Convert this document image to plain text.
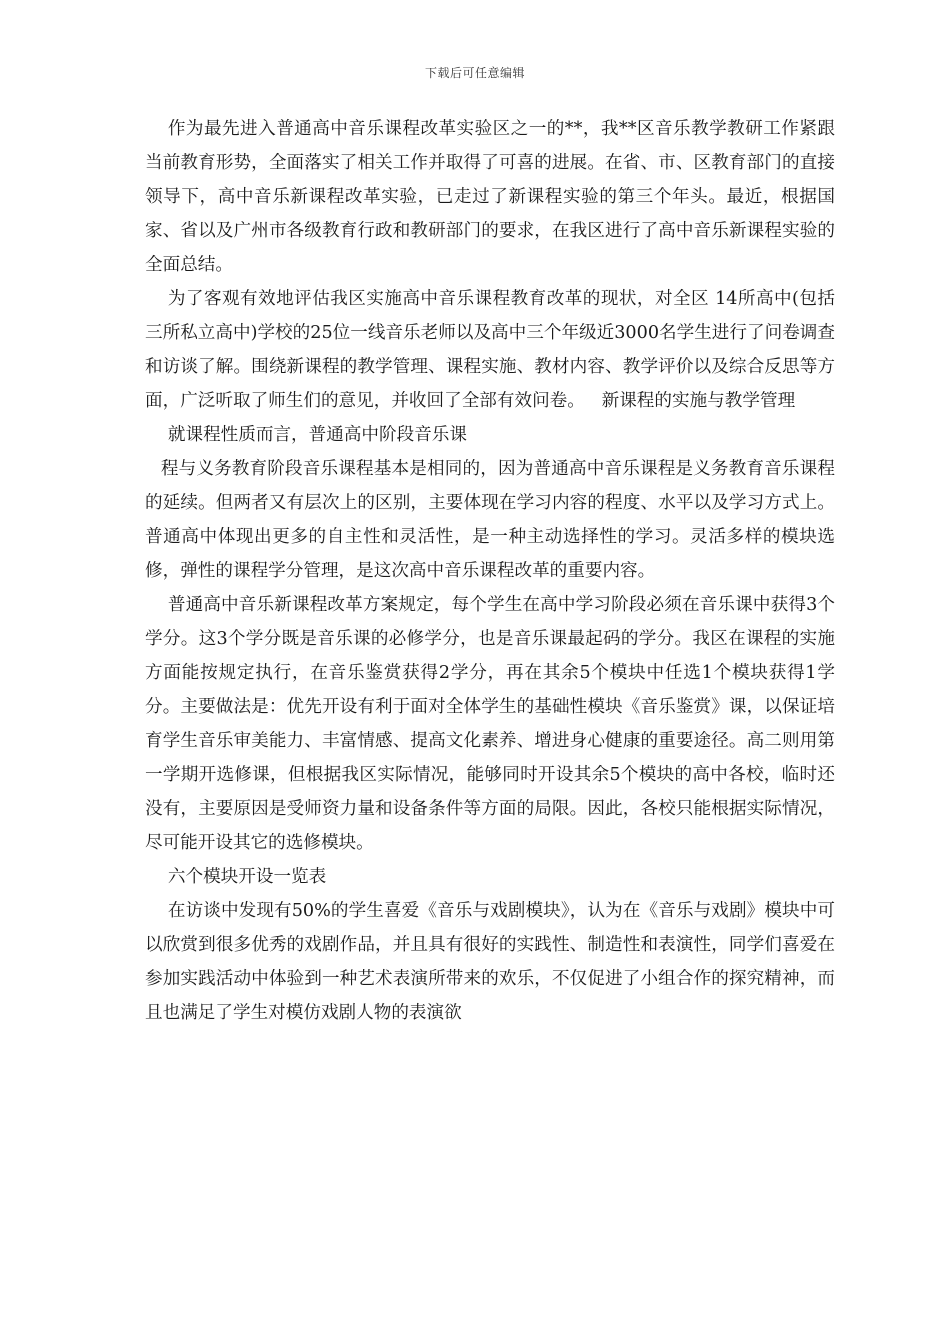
下载后可任意编辑

作为最先进入普通高中音乐课程改革实验区之一的**，我**区音乐教学教研工作紧跟当前教育形势，全面落实了相关工作并取得了可喜的进展。在省、市、区教育部门的直接领导下，高中音乐新课程改革实验，已走过了新课程实验的第三个年头。最近，根据国家、省以及广州市各级教育行政和教研部门的要求，在我区进行了高中音乐新课程实验的全面总结。

为了客观有效地评估我区实施高中音乐课程教育改革的现状，对全区 14所高中(包括三所私立高中)学校的25位一线音乐老师以及高中三个年级近3000名学生进行了问卷调查和访谈了解。围绕新课程的教学管理、课程实施、教材内容、教学评价以及综合反思等方面，广泛听取了师生们的意见，并收回了全部有效问卷。   新课程的实施与教学管理

就课程性质而言，普通高中阶段音乐课

程与义务教育阶段音乐课程基本是相同的，因为普通高中音乐课程是义务教育音乐课程的延续。但两者又有层次上的区别，主要体现在学习内容的程度、水平以及学习方式上。普通高中体现出更多的自主性和灵活性，是一种主动选择性的学习。灵活多样的模块选修，弹性的课程学分管理，是这次高中音乐课程改革的重要内容。

普通高中音乐新课程改革方案规定，每个学生在高中学习阶段必须在音乐课中获得3个学分。这3个学分既是音乐课的必修学分，也是音乐课最起码的学分。我区在课程的实施方面能按规定执行，在音乐鉴赏获得2学分，再在其余5个模块中任选1个模块获得1学分。主要做法是：优先开设有利于面对全体学生的基础性模块《音乐鉴赏》课，以保证培育学生音乐审美能力、丰富情感、提高文化素养、增进身心健康的重要途径。高二则用第一学期开选修课，但根据我区实际情况，能够同时开设其余5个模块的高中各校，临时还没有，主要原因是受师资力量和设备条件等方面的局限。因此，各校只能根据实际情况，尽可能开设其它的选修模块。

六个模块开设一览表

在访谈中发现有50%的学生喜爱《音乐与戏剧模块》，认为在《音乐与戏剧》模块中可以欣赏到很多优秀的戏剧作品，并且具有很好的实践性、制造性和表演性，同学们喜爱在参加实践活动中体验到一种艺术表演所带来的欢乐，不仅促进了小组合作的探究精神，而且也满足了学生对模仿戏剧人物的表演欲
